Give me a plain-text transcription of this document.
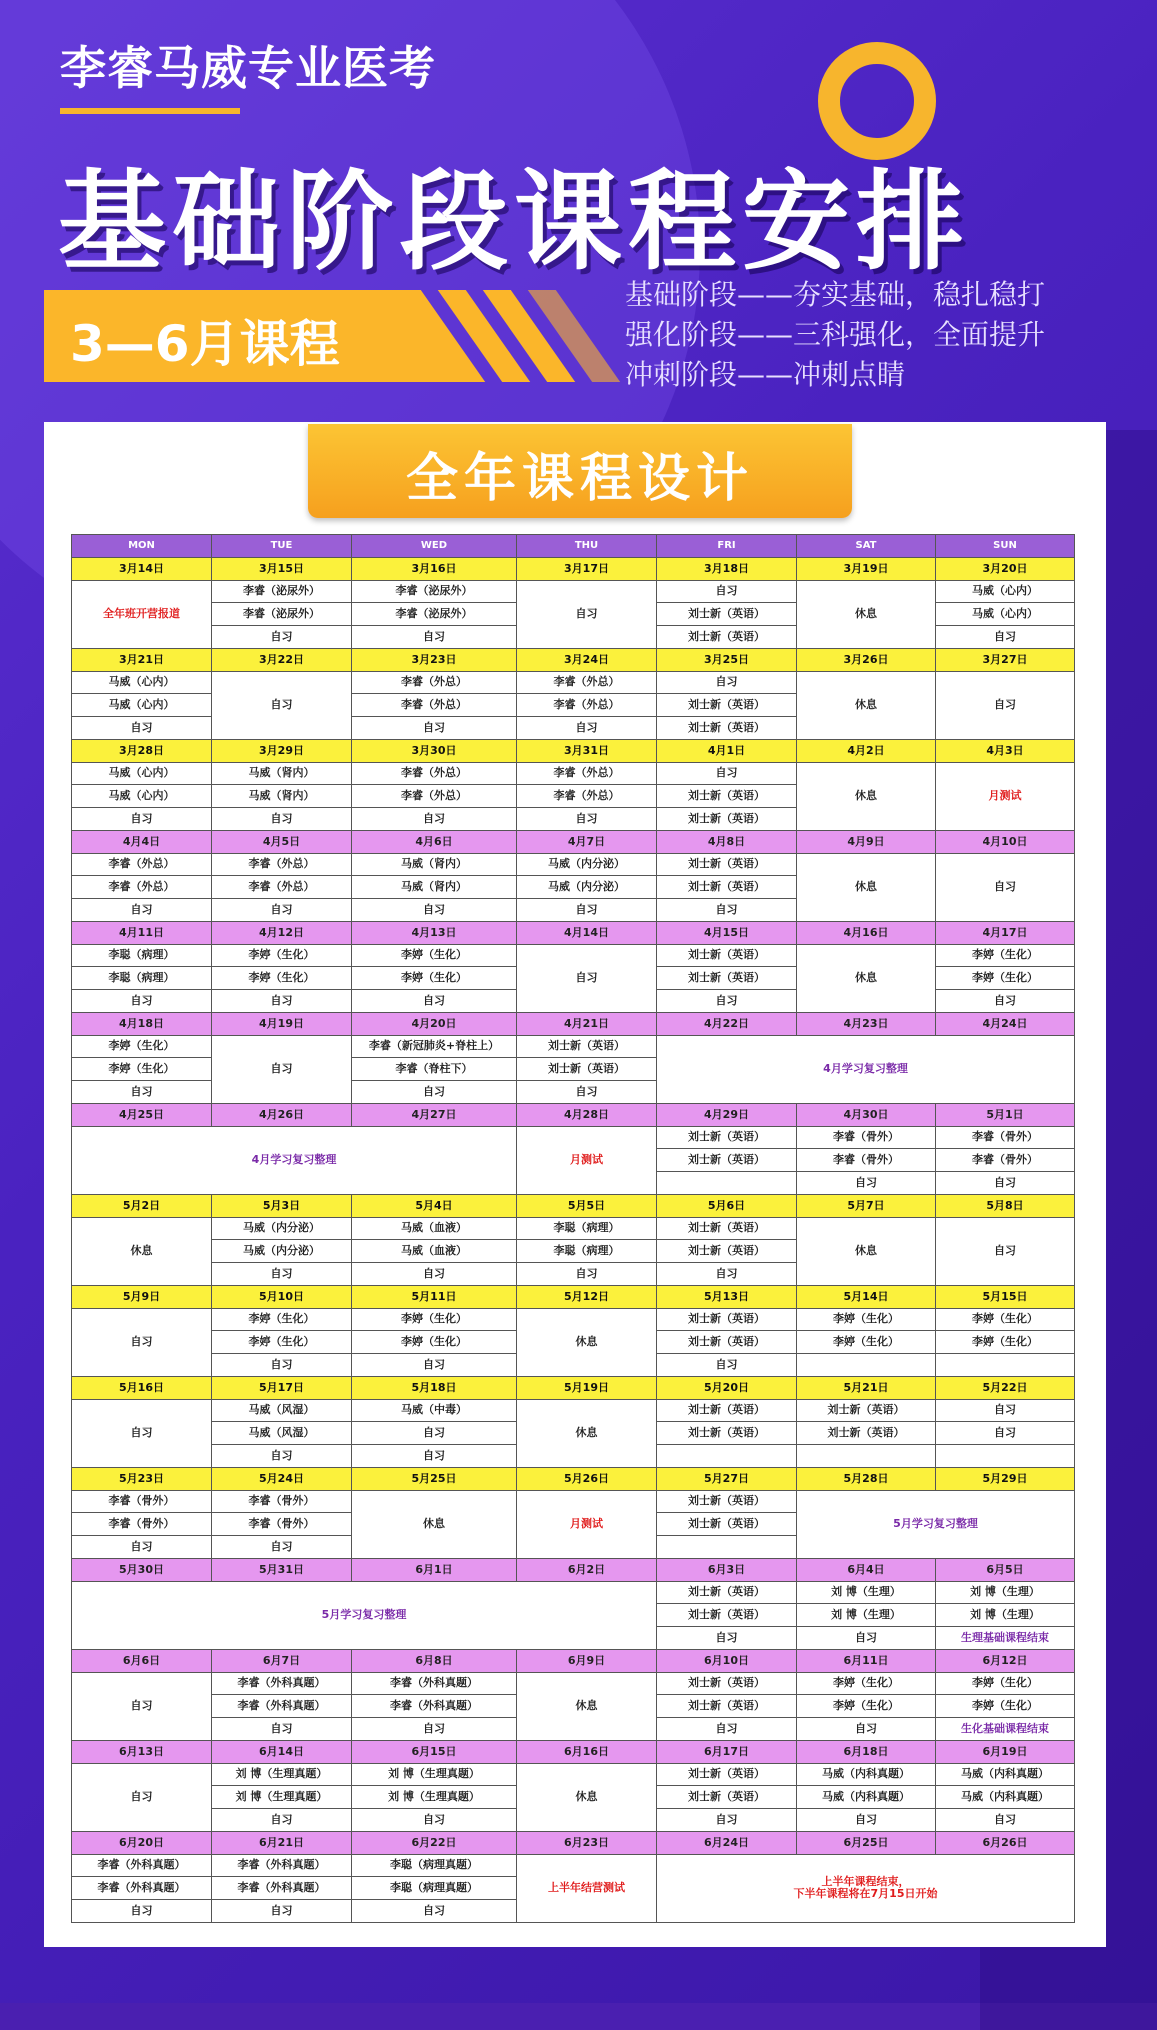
李睿马威专业医考
基础阶段课程安排
3—6月课程
基础阶段——夯实基础，稳扎稳打
强化阶段——三科强化，全面提升
冲刺阶段——冲刺点睛
全年课程设计
MON	TUE	WED	THU	FRI	SAT	SUN
3月14日	3月15日	3月16日	3月17日	3月18日	3月19日	3月20日
全年班开营报道	李睿（泌尿外）	李睿（泌尿外）	自习	自习	休息	马威（心内）
	李睿（泌尿外）	李睿（泌尿外）		刘士新（英语）		马威（心内）
	自习	自习		刘士新（英语）		自习
3月21日	3月22日	3月23日	3月24日	3月25日	3月26日	3月27日
马威（心内）	自习	李睿（外总）	李睿（外总）	自习	休息	自习
马威（心内）		李睿（外总）	李睿（外总）	刘士新（英语）		
自习		自习	自习	刘士新（英语）		
3月28日	3月29日	3月30日	3月31日	4月1日	4月2日	4月3日
马威（心内）	马威（肾内）	李睿（外总）	李睿（外总）	自习	休息	月测试
马威（心内）	马威（肾内）	李睿（外总）	李睿（外总）	刘士新（英语）		
自习	自习	自习	自习	刘士新（英语）		
4月4日	4月5日	4月6日	4月7日	4月8日	4月9日	4月10日
李睿（外总）	李睿（外总）	马威（肾内）	马威（内分泌）	刘士新（英语）	休息	自习
李睿（外总）	李睿（外总）	马威（肾内）	马威（内分泌）	刘士新（英语）		
自习	自习	自习	自习	自习		
4月11日	4月12日	4月13日	4月14日	4月15日	4月16日	4月17日
李聪（病理）	李婷（生化）	李婷（生化）	自习	刘士新（英语）	休息	李婷（生化）
李聪（病理）	李婷（生化）	李婷（生化）		刘士新（英语）		李婷（生化）
自习	自习	自习		自习		自习
4月18日	4月19日	4月20日	4月21日	4月22日	4月23日	4月24日
李婷（生化）	自习	李睿（新冠肺炎+脊柱上）	刘士新（英语）	4月学习复习整理		
李婷（生化）		李睿（脊柱下）	刘士新（英语）			
自习		自习	自习			
4月25日	4月26日	4月27日	4月28日	4月29日	4月30日	5月1日
4月学习复习整理			月测试	刘士新（英语）	李睿（骨外）	李睿（骨外）
				刘士新（英语）	李睿（骨外）	李睿（骨外）
					自习	自习
5月2日	5月3日	5月4日	5月5日	5月6日	5月7日	5月8日
休息	马威（内分泌）	马威（血液）	李聪（病理）	刘士新（英语）	休息	自习
	马威（内分泌）	马威（血液）	李聪（病理）	刘士新（英语）		
	自习	自习	自习	自习		
5月9日	5月10日	5月11日	5月12日	5月13日	5月14日	5月15日
自习	李婷（生化）	李婷（生化）	休息	刘士新（英语）	李婷（生化）	李婷（生化）
	李婷（生化）	李婷（生化）		刘士新（英语）	李婷（生化）	李婷（生化）
	自习	自习		自习		
5月16日	5月17日	5月18日	5月19日	5月20日	5月21日	5月22日
自习	马威（风湿）	马威（中毒）	休息	刘士新（英语）	刘士新（英语）	自习
	马威（风湿）	自习		刘士新（英语）	刘士新（英语）	自习
	自习	自习				
5月23日	5月24日	5月25日	5月26日	5月27日	5月28日	5月29日
李睿（骨外）	李睿（骨外）	休息	月测试	刘士新（英语）	5月学习复习整理	
李睿（骨外）	李睿（骨外）			刘士新（英语）		
自习	自习					
5月30日	5月31日	6月1日	6月2日	6月3日	6月4日	6月5日
5月学习复习整理				刘士新（英语）	刘 博（生理）	刘 博（生理）
				刘士新（英语）	刘 博（生理）	刘 博（生理）
				自习	自习	生理基础课程结束
6月6日	6月7日	6月8日	6月9日	6月10日	6月11日	6月12日
自习	李睿（外科真题）	李睿（外科真题）	休息	刘士新（英语）	李婷（生化）	李婷（生化）
	李睿（外科真题）	李睿（外科真题）		刘士新（英语）	李婷（生化）	李婷（生化）
	自习	自习		自习	自习	生化基础课程结束
6月13日	6月14日	6月15日	6月16日	6月17日	6月18日	6月19日
自习	刘 博（生理真题）	刘 博（生理真题）	休息	刘士新（英语）	马威（内科真题）	马威（内科真题）
	刘 博（生理真题）	刘 博（生理真题）		刘士新（英语）	马威（内科真题）	马威（内科真题）
	自习	自习		自习	自习	自习
6月20日	6月21日	6月22日	6月23日	6月24日	6月25日	6月26日
李睿（外科真题）	李睿（外科真题）	李聪（病理真题）	上半年结营测试	上半年课程结束，
下半年课程将在7月15日开始		
李睿（外科真题）	李睿（外科真题）	李聪（病理真题）				
自习	自习	自习				
